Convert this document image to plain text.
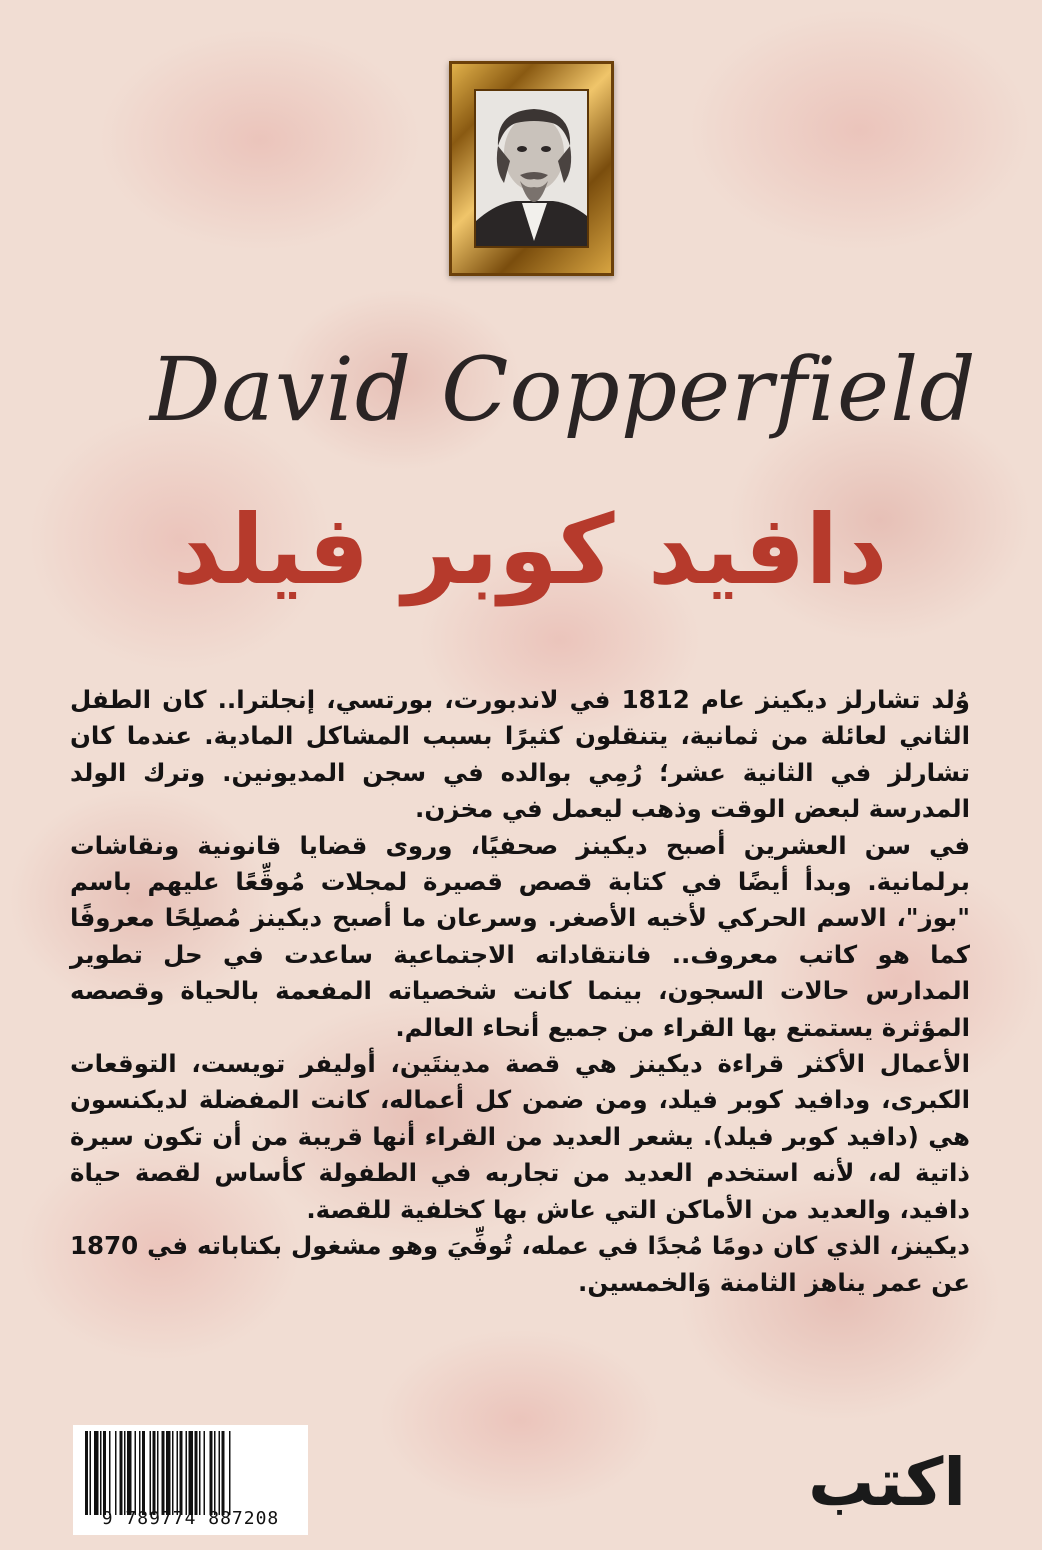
David Copperfield
دافيد كوبر فيلد

وُلد تشارلز ديكينز عام 1812 في لاندبورت، بورتسي، إنجلترا.. كان الطفل الثاني لعائلة من ثمانية، يتنقلون كثيرًا بسبب المشاكل المادية. عندما كان تشارلز في الثانية عشر؛ رُمِي بوالده في سجن المديونين. وترك الولد المدرسة لبعض الوقت وذهب ليعمل في مخزن.

في سن العشرين أصبح ديكينز صحفيًا، وروى قضايا قانونية ونقاشات برلمانية. وبدأ أيضًا في كتابة قصص قصيرة لمجلات مُوقِّعًا عليهم باسم "بوز"، الاسم الحركي لأخيه الأصغر. وسرعان ما أصبح ديكينز مُصلِحًا معروفًا كما هو كاتب معروف.. فانتقاداته الاجتماعية ساعدت في حل تطوير المدارس حالات السجون، بينما كانت شخصياته المفعمة بالحياة وقصصه المؤثرة يستمتع بها القراء من جميع أنحاء العالم.

الأعمال الأكثر قراءة ديكينز هي قصة مدينتَين، أوليفر تويست، التوقعات الكبرى، ودافيد كوبر فيلد، ومن ضمن كل أعماله، كانت المفضلة لديكنسون هي (دافيد كوبر فيلد). يشعر العديد من القراء أنها قريبة من أن تكون سيرة ذاتية له، لأنه استخدم العديد من تجاربه في الطفولة كأساس لقصة حياة دافيد، والعديد من الأماكن التي عاش بها كخلفية للقصة.

ديكينز، الذي كان دومًا مُجدًا في عمله، تُوفِّيَ وهو مشغول بكتاباته في 1870 عن عمر يناهز الثامنة وَالخمسين.

9 789774 887208	اكتب
